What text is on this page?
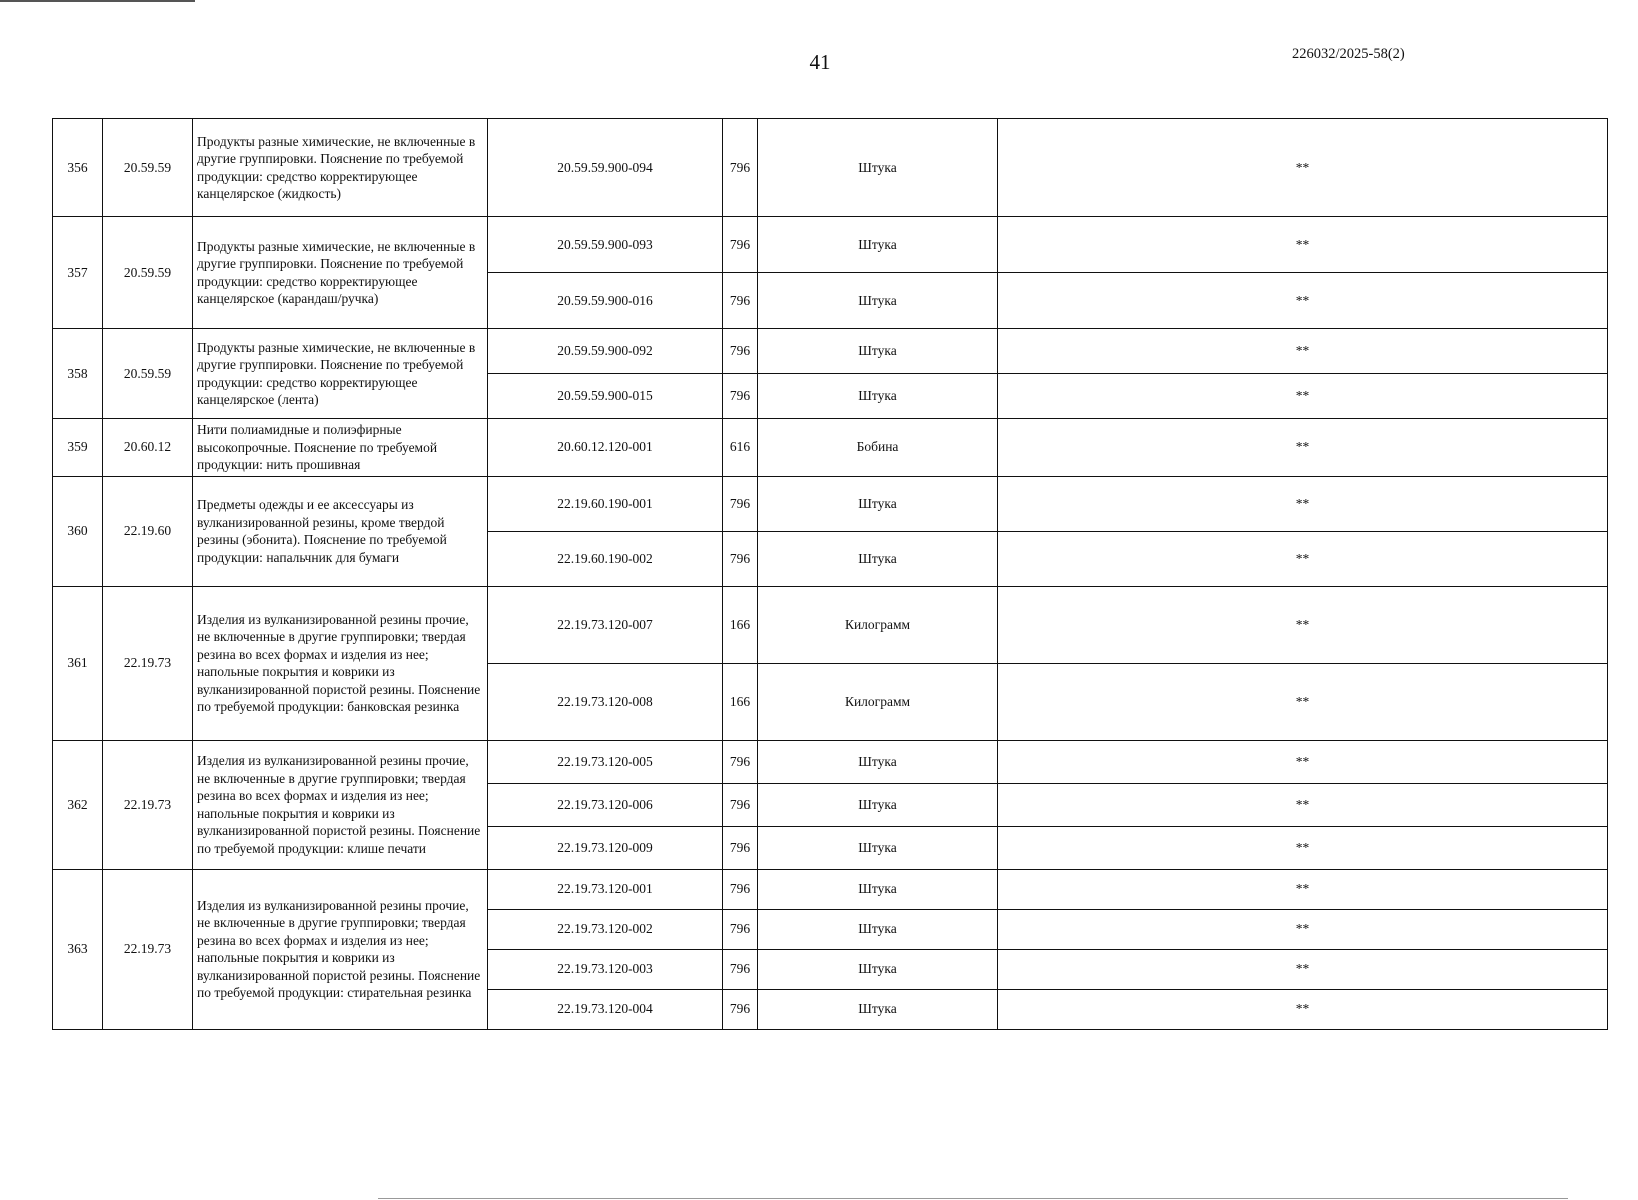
41	226032/2025-58(2)
356	20.59.59	Продукты разные химические, не включенные в другие группировки. Пояснение по требуемой продукции: средство корректирующее канцелярское (жидкость)	20.59.59.900-094	796	Штука	**
357	20.59.59	Продукты разные химические, не включенные в другие группировки. Пояснение по требуемой продукции: средство корректирующее канцелярское (карандаш/ручка)	20.59.59.900-093	796	Штука	**
			20.59.59.900-016	796	Штука	**
358	20.59.59	Продукты разные химические, не включенные в другие группировки. Пояснение по требуемой продукции: средство корректирующее канцелярское (лента)	20.59.59.900-092	796	Штука	**
			20.59.59.900-015	796	Штука	**
359	20.60.12	Нити полиамидные и полиэфирные высокопрочные. Пояснение по требуемой продукции: нить прошивная	20.60.12.120-001	616	Бобина	**
360	22.19.60	Предметы одежды и ее аксессуары из вулканизированной резины, кроме твердой резины (эбонита). Пояснение по требуемой продукции: напальчник для бумаги	22.19.60.190-001	796	Штука	**
			22.19.60.190-002	796	Штука	**
361	22.19.73	Изделия из вулканизированной резины прочие, не включенные в другие группировки; твердая резина во всех формах и изделия из нее; напольные покрытия и коврики из вулканизированной пористой резины. Пояснение по требуемой продукции: банковская резинка	22.19.73.120-007	166	Килограмм	**
			22.19.73.120-008	166	Килограмм	**
362	22.19.73	Изделия из вулканизированной резины прочие, не включенные в другие группировки; твердая резина во всех формах и изделия из нее; напольные покрытия и коврики из вулканизированной пористой резины. Пояснение по требуемой продукции: клише печати	22.19.73.120-005	796	Штука	**
			22.19.73.120-006	796	Штука	**
			22.19.73.120-009	796	Штука	**
363	22.19.73	Изделия из вулканизированной резины прочие, не включенные в другие группировки; твердая резина во всех формах и изделия из нее; напольные покрытия и коврики из вулканизированной пористой резины. Пояснение по требуемой продукции: стирательная резинка	22.19.73.120-001	796	Штука	**
			22.19.73.120-002	796	Штука	**
			22.19.73.120-003	796	Штука	**
			22.19.73.120-004	796	Штука	**
